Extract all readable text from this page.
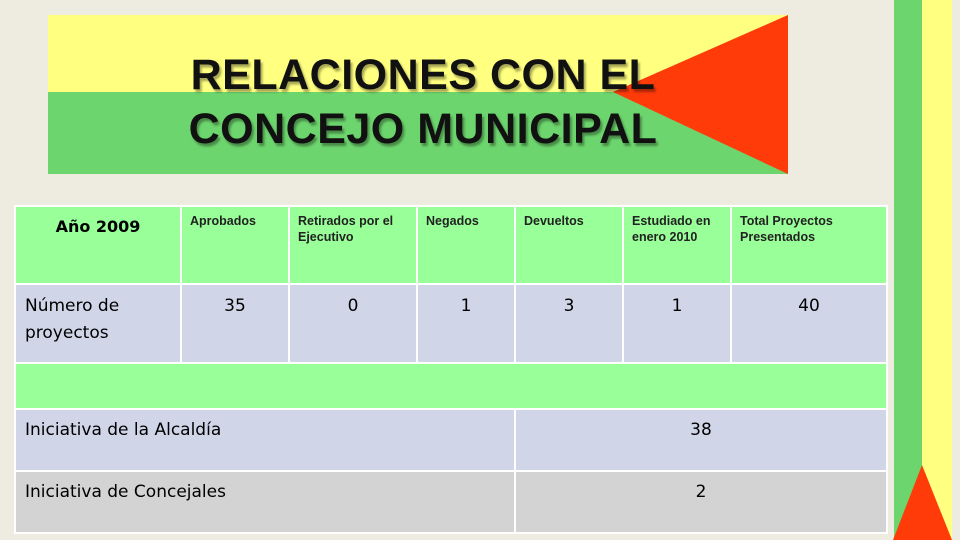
RELACIONES CON EL
CONCEJO MUNICIPAL
Año 2009	Aprobados	Retirados por el Ejecutivo	Negados	Devueltos	Estudiado en enero 2010	Total Proyectos Presentados
Número de proyectos	35	0	1	3	1	40

Iniciativa de la Alcaldía				38		
Iniciativa de Concejales				2		
